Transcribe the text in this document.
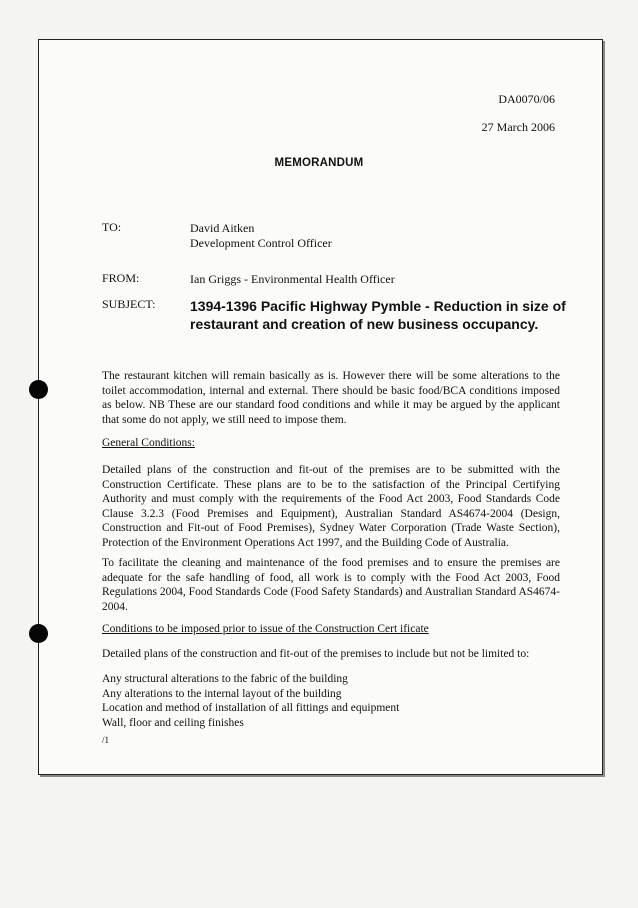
DA0070/06
27 March 2006
MEMORANDUM
TO:	David Aitken
Development Control Officer
FROM:	Ian Griggs - Environmental Health Officer
SUBJECT: 1394-1396 Pacific Highway Pymble - Reduction in size of
restaurant and creation of new business occupancy.
The restaurant kitchen will remain basically as is. However there will be some alterations to the toilet accommodation, internal and external. There should be basic food/BCA conditions imposed as below. NB These are our standard food conditions and while it may be argued by the applicant that some do not apply, we still need to impose them.
General Conditions:
Detailed plans of the construction and fit-out of the premises are to be submitted with the Construction Certificate. These plans are to be to the satisfaction of the Principal Certifying Authority and must comply with the requirements of the Food Act 2003, Food Standards Code Clause 3.2.3 (Food Premises and Equipment), Australian Standard AS4674-2004 (Design, Construction and Fit-out of Food Premises), Sydney Water Corporation (Trade Waste Section), Protection of the Environment Operations Act 1997, and the Building Code of Australia.
To facilitate the cleaning and maintenance of the food premises and to ensure the premises are adequate for the safe handling of food, all work is to comply with the Food Act 2003, Food Regulations 2004, Food Standards Code (Food Safety Standards) and Australian Standard AS4674-2004.
Conditions to be imposed prior to issue of the Construction Cert ificate
Detailed plans of the construction and fit-out of the premises to include but not be limited to:
Any structural alterations to the fabric of the building
Any alterations to the internal layout of the building
Location and method of installation of all fittings and equipment
Wall, floor and ceiling finishes
/1
